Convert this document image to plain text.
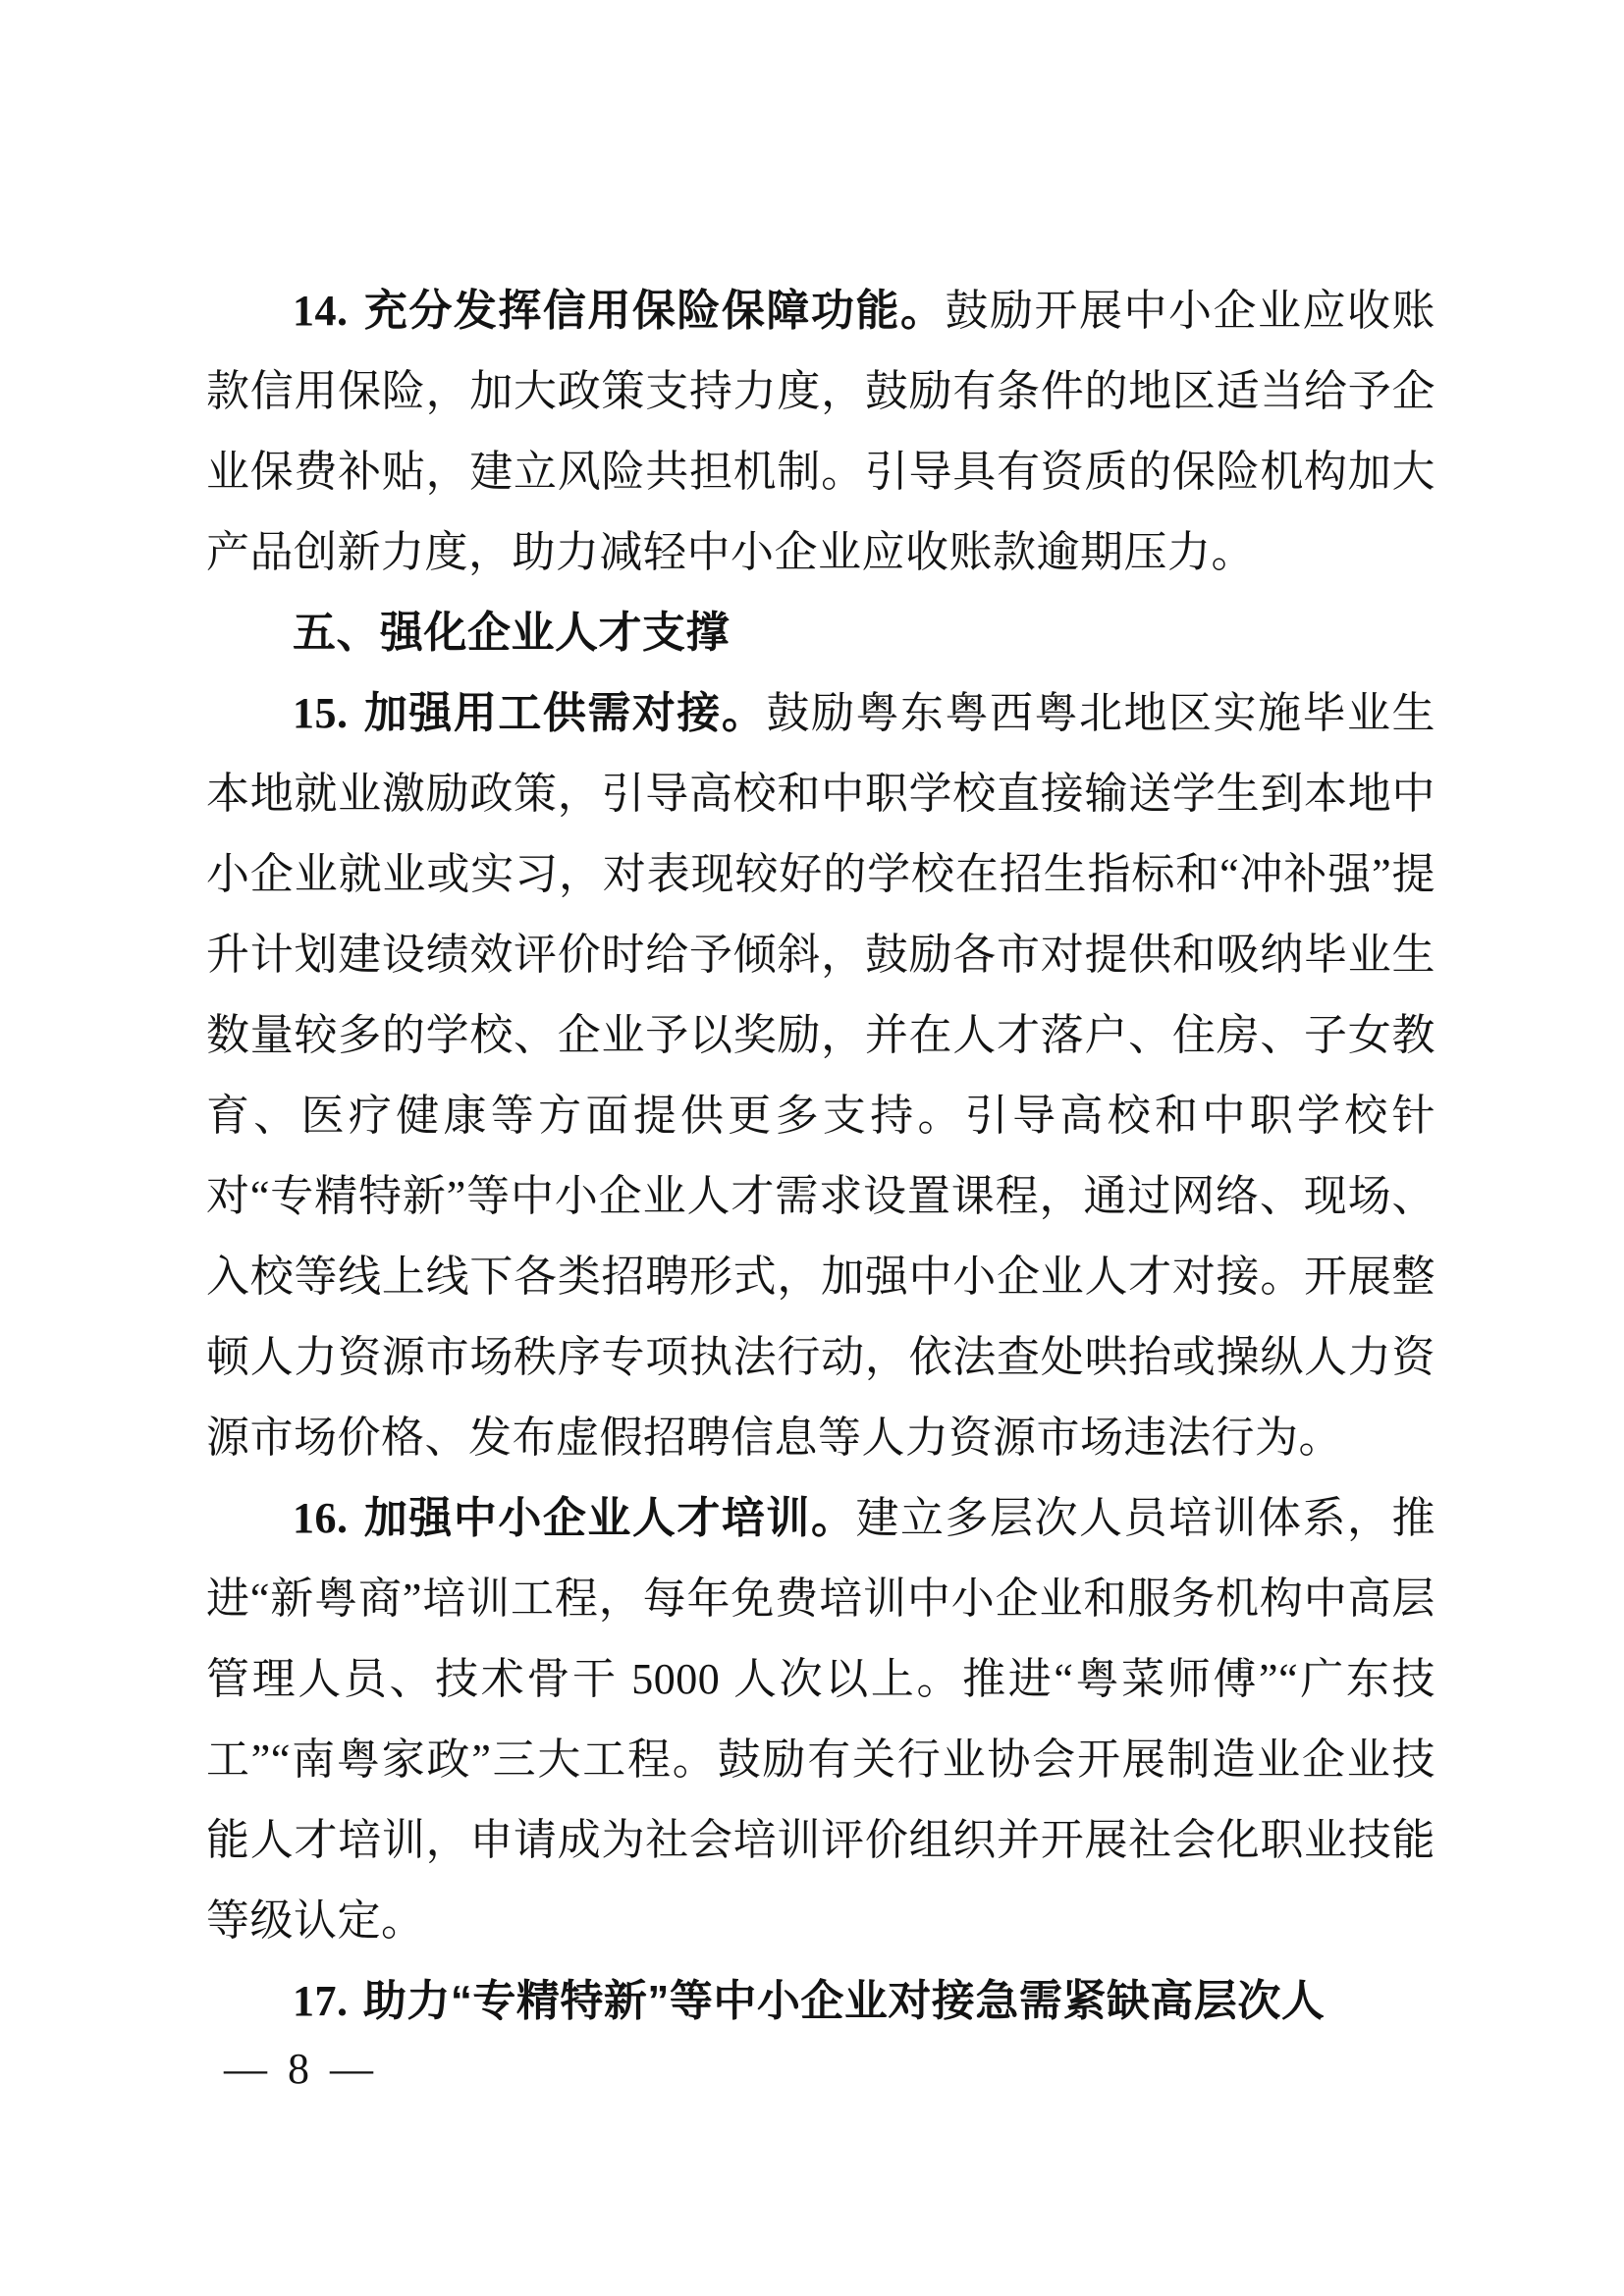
14. 充分发挥信用保险保障功能。鼓励开展中小企业应收账款信用保险，加大政策支持力度，鼓励有条件的地区适当给予企业保费补贴，建立风险共担机制。引导具有资质的保险机构加大产品创新力度，助力减轻中小企业应收账款逾期压力。

五、强化企业人才支撑

15. 加强用工供需对接。鼓励粤东粤西粤北地区实施毕业生本地就业激励政策，引导高校和中职学校直接输送学生到本地中小企业就业或实习，对表现较好的学校在招生指标和“冲补强”提升计划建设绩效评价时给予倾斜，鼓励各市对提供和吸纳毕业生数量较多的学校、企业予以奖励，并在人才落户、住房、子女教育、医疗健康等方面提供更多支持。引导高校和中职学校针对“专精特新”等中小企业人才需求设置课程，通过网络、现场、入校等线上线下各类招聘形式，加强中小企业人才对接。开展整顿人力资源市场秩序专项执法行动，依法查处哄抬或操纵人力资源市场价格、发布虚假招聘信息等人力资源市场违法行为。

16. 加强中小企业人才培训。建立多层次人员培训体系，推进“新粤商”培训工程，每年免费培训中小企业和服务机构中高层管理人员、技术骨干 5000 人次以上。推进“粤菜师傅”“广东技工”“南粤家政”三大工程。鼓励有关行业协会开展制造业企业技能人才培训，申请成为社会培训评价组织并开展社会化职业技能等级认定。

17. 助力“专精特新”等中小企业对接急需紧缺高层次人

— 8 —
